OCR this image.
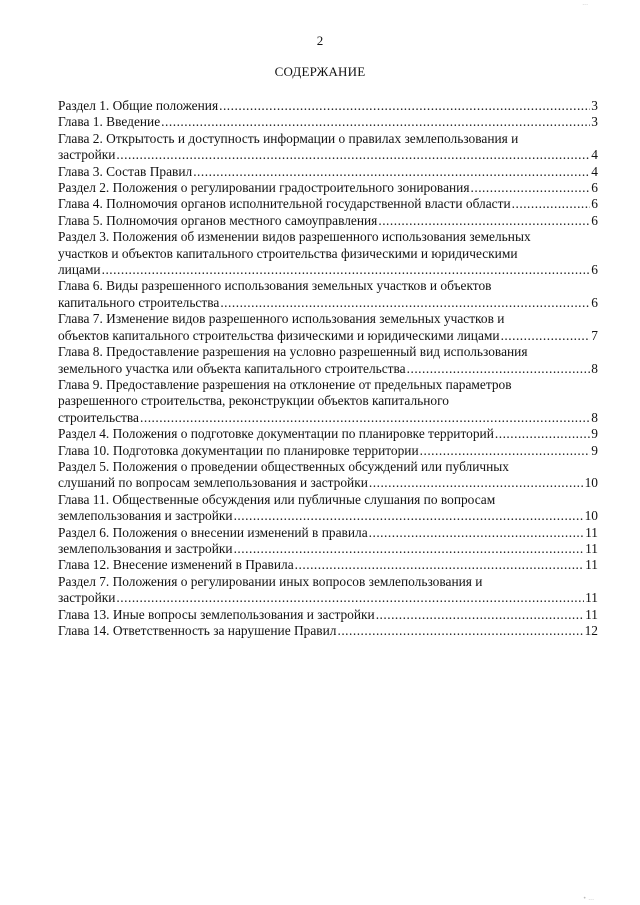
...
2
СОДЕРЖАНИЕ
Раздел 1. Общие положения .....	3
Глава 1. Введение .....	3
Глава 2. Открытость и доступность информации о правилах землепользования и
застройки .....	4
Глава 3. Состав Правил .....	4
Раздел 2. Положения о регулировании градостроительного зонирования .....	6
Глава 4. Полномочия органов исполнительной государственной власти области .....	6
Глава 5. Полномочия органов местного самоуправления .....	6
Раздел 3. Положения об изменении видов разрешенного использования земельных
участков и объектов капитального строительства физическими и юридическими
лицами .....	6
Глава 6. Виды разрешенного использования земельных участков и объектов
капитального строительства .....	6
Глава 7. Изменение видов разрешенного использования земельных участков и
объектов капитального строительства физическими и юридическими лицами .....	7
Глава 8. Предоставление разрешения на условно разрешенный вид использования
земельного участка или объекта капитального строительства .....	8
Глава 9. Предоставление разрешения на отклонение от предельных параметров
разрешенного строительства, реконструкции объектов капитального
строительства .....	8
Раздел 4. Положения о подготовке документации по планировке территорий .....	9
Глава 10. Подготовка документации по планировке территории .....	9
Раздел 5. Положения о проведении общественных обсуждений или публичных
слушаний по вопросам землепользования и застройки .....	10
Глава 11. Общественные обсуждения или публичные слушания по вопросам
землепользования и застройки .....	10
Раздел 6. Положения о внесении изменений в правила .....	11
землепользования и застройки .....	11
Глава 12. Внесение изменений в Правила .....	11
Раздел 7. Положения о регулировании иных вопросов землепользования и
застройки .....	11
Глава 13. Иные вопросы землепользования и застройки .....	11
Глава 14. Ответственность за нарушение Правил .....	12
• ...
